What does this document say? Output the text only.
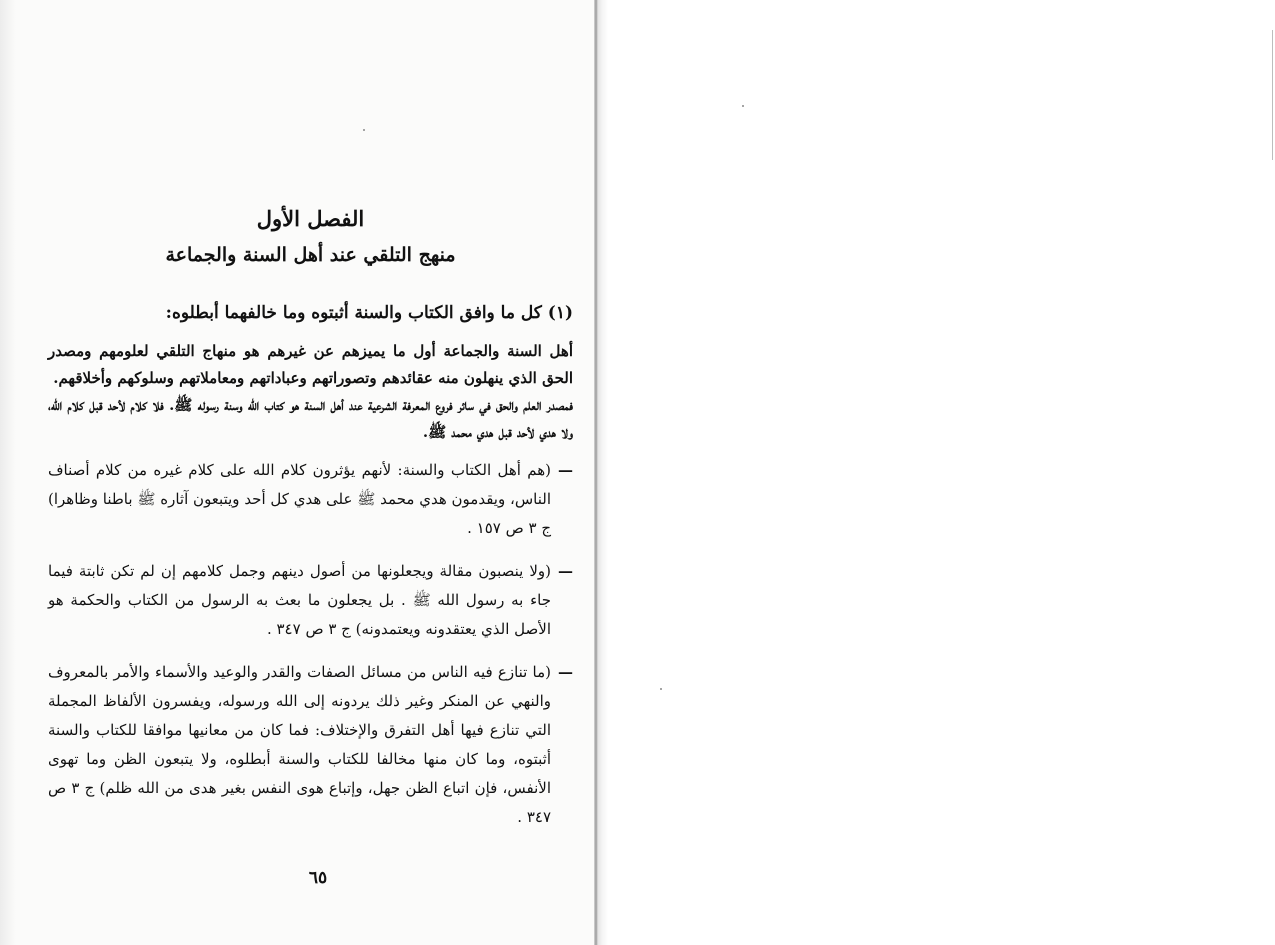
الفصل الأول
منهج التلقي عند أهل السنة والجماعة
(١) كل ما وافق الكتاب والسنة أثبتوه وما خالفهما أبطلوه:

أهل السنة والجماعة أول ما يميزهم عن غيرهم هو منهاج التلقي لعلومهم ومصدر الحق الذي ينهلون منه عقائدهم وتصوراتهم وعباداتهم ومعاملاتهم وسلوكهم وأخلاقهم.

فمصدر العلم والحق في سائر فروع المعرفة الشرعية عند أهل السنة هو كتاب الله وسنة رسوله ﷺ. فلا كلام لأحد قبل كلام الله، ولا هدي لأحد قبل هدي محمد ﷺ.

—
(هم أهل الكتاب والسنة: لأنهم يؤثرون كلام الله على كلام غيره من كلام أصناف الناس، ويقدمون هدي محمد ﷺ على هدي كل أحد ويتبعون آثاره ﷺ باطنا وظاهرا) ج ٣ ص ١٥٧ .
—
(ولا ينصبون مقالة ويجعلونها من أصول دينهم وجمل كلامهم إن لم تكن ثابتة فيما جاء به رسول الله ﷺ . بل يجعلون ما بعث به الرسول من الكتاب والحكمة هو الأصل الذي يعتقدونه ويعتمدونه) ج ٣ ص ٣٤٧ .
—
(ما تنازع فيه الناس من مسائل الصفات والقدر والوعيد والأسماء والأمر بالمعروف والنهي عن المنكر وغير ذلك يردونه إلى الله ورسوله، ويفسرون الألفاظ المجملة التي تنازع فيها أهل التفرق والإختلاف: فما كان من معانيها موافقا للكتاب والسنة أثبتوه، وما كان منها مخالفا للكتاب والسنة أبطلوه، ولا يتبعون الظن وما تهوى الأنفس، فإن اتباع الظن جهل، وإتباع هوى النفس بغير هدى من الله ظلم) ج ٣ ص ٣٤٧ .
٦٥
